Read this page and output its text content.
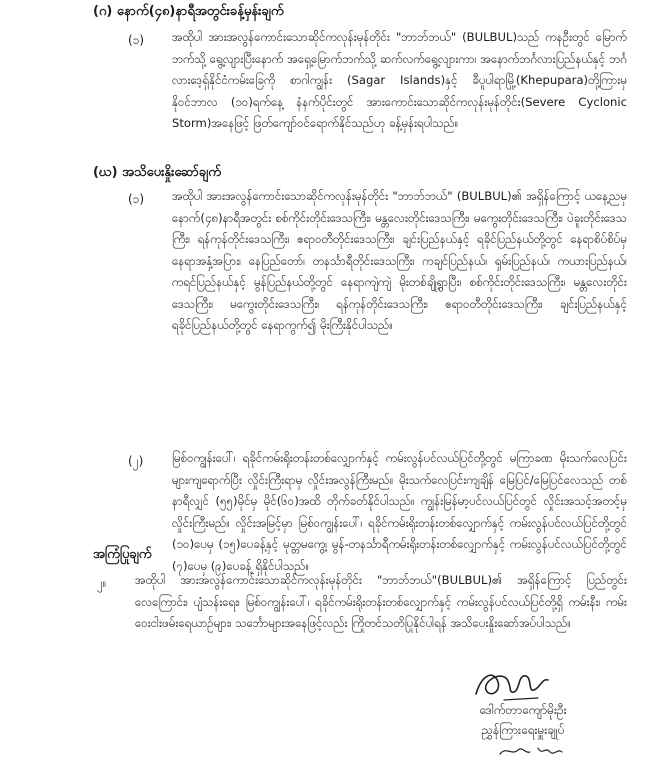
(ဂ) နောက်(၄၈)နာရီအတွင်းခန့်မှန်းချက်
(၁) အထိုပါ အားအလွန်ကောင်းသောဆိုင်ကလုန်းမုန်တိုင်း "ဘာဘ်ဘယ်" (BULBUL)သည် ကနဦးတွင် မြောက်ဘက်သို့ ရွေ့လျားပြီးနောက် အရှေ့မြောက်ဘက်သို့ ဆက်လက်ရွေ့လျားကာ၊ အနောက်ဘင်္ဂလားပြည်နယ်နှင့် ဘင်္ဂလားဒေ့ရှ်နိုင်ငံကမ်းခြေကို စာဂါကျွန်း (Sagar Islands)နှင့် ခီပူပါရာမြို့(Khepupara)တို့ကြားမှ နိုဝင်ဘာလ (၁၀)ရက်နေ့ နံနက်ပိုင်းတွင် အားကောင်းသောဆိုင်ကလုန်းမုန်တိုင်း(Severe Cyclonic Storm)အနေဖြင့် ဖြတ်ကျော်ဝင်ရောက်နိုင်သည်ဟု ခန့်မှန်းရပါသည်။
(ဃ) အသိပေးနှိုးဆော်ချက်
(၁) အထိုပါ အားအလွန်ကောင်းသောဆိုင်ကလုန်းမုန်တိုင်း "ဘာဘ်ဘယ်" (BULBUL)၏ အရှိန်ကြောင့် ယနေ့ညမှ နောက်(၄၈)နာရီအတွင်း စစ်ကိုင်းတိုင်းဒေသကြီး၊ မန္တလေးတိုင်းဒေသကြီး၊ မကွေးတိုင်းဒေသကြီး၊ ပဲခူးတိုင်းဒေသကြီး၊ ရန်ကုန်တိုင်းဒေသကြီး၊ ဧရာဝတီတိုင်းဒေသကြီး၊ ချင်းပြည်နယ်နှင့် ရခိုင်ပြည်နယ်တို့တွင် နေရာစိပ်စိပ်မှ နေရာအနှံ့အပြား၊ နေပြည်တော်၊ တနင်္သာရီတိုင်းဒေသကြီး၊ ကချင်ပြည်နယ်၊ ရှမ်းပြည်နယ်၊ ကယားပြည်နယ်၊ ကရင်ပြည်နယ်နှင့် မွန်ပြည်နယ်တို့တွင် နေရာကျဲကျဲ မိုးတစ်ချို့ရွာပြီး၊ စစ်ကိုင်းတိုင်းဒေသကြီး၊ မန္တလေးတိုင်းဒေသကြီး၊ မကွေးတိုင်းဒေသကြီး၊ ရန်ကုန်တိုင်းဒေသကြီး၊ ဧရာဝတီတိုင်းဒေသကြီး၊ ချင်းပြည်နယ်နှင့် ရခိုင်ပြည်နယ်တို့တွင် နေရာကွက်၍ မိုးကြီးနိုင်ပါသည်။
(၂) မြစ်ဝကျွန်းပေါ်၊ ရခိုင်ကမ်းရိုးတန်းတစ်လျှောက်နှင့် ကမ်းလွန်ပင်လယ်ပြင်တို့တွင် မကြာခဏ မိုးသက်လေပြင်းများကျရောက်ပြီး လှိုင်းကြီးရာမှ လှိုင်းအလွန်ကြီးမည်။ မိုးသက်လေပြင်းကျချိန် မြေပြင်/မြေပြင်လေသည် တစ်နာရီလျှင် (၅၅)မိုင်မှ မိုင်(၆၀)အထိ တိုက်ခတ်နိုင်ပါသည်။ ကျွန်းမြန်မာ့ပင်လယ်ပြင်တွင် လှိုင်းအသင့်အတင့်မှ လှိုင်းကြီးမည်။ လှိုင်းအမြင့်မှာ မြစ်ဝကျွန်းပေါ်၊ ရခိုင်ကမ်းရိုးတန်းတစ်လျှောက်နှင့် ကမ်းလွန်ပင်လယ်ပြင်တို့တွင် (၁၀)ပေမှ (၁၅)ပေခန့်နှင့် မုတ္တမကွေ့၊ မွန်-တနင်္သာရီကမ်းရိုးတန်းတစ်လျှောက်နှင့် ကမ်းလွန်ပင်လယ်ပြင်တို့တွင် (၇)ပေမှ (၉)ပေခန့် ရှိနိုင်ပါသည်။
အကြံပြုချက်
၂။ အထိုပါ အားအလွန်ကောင်းသောဆိုင်ကလုန်းမုန်တိုင်း "ဘာဘ်ဘယ်"(BULBUL)၏ အရှိန်ကြောင့် ပြည်တွင်းလေကြောင်း၊ ပျံသန်းရေး၊ မြစ်ဝကျွန်းပေါ်၊ ရခိုင်ကမ်းရိုးတန်းတစ်လျှောက်နှင့် ကမ်းလွန်ပင်လယ်ပြင်တို့ရှိ ကမ်းနီး၊ ကမ်းဝေးငါးဖမ်းရေယာဉ်များ၊ သင်္ဘောများအနေဖြင့်လည်း ကြိုတင်သတိပြုနိုင်ပါရန် အသိပေးနှိုးဆော်အပ်ပါသည်။
ဒေါက်တာကျော်မိုးဦး
ညွှန်ကြားရေးမှူးချုပ်
